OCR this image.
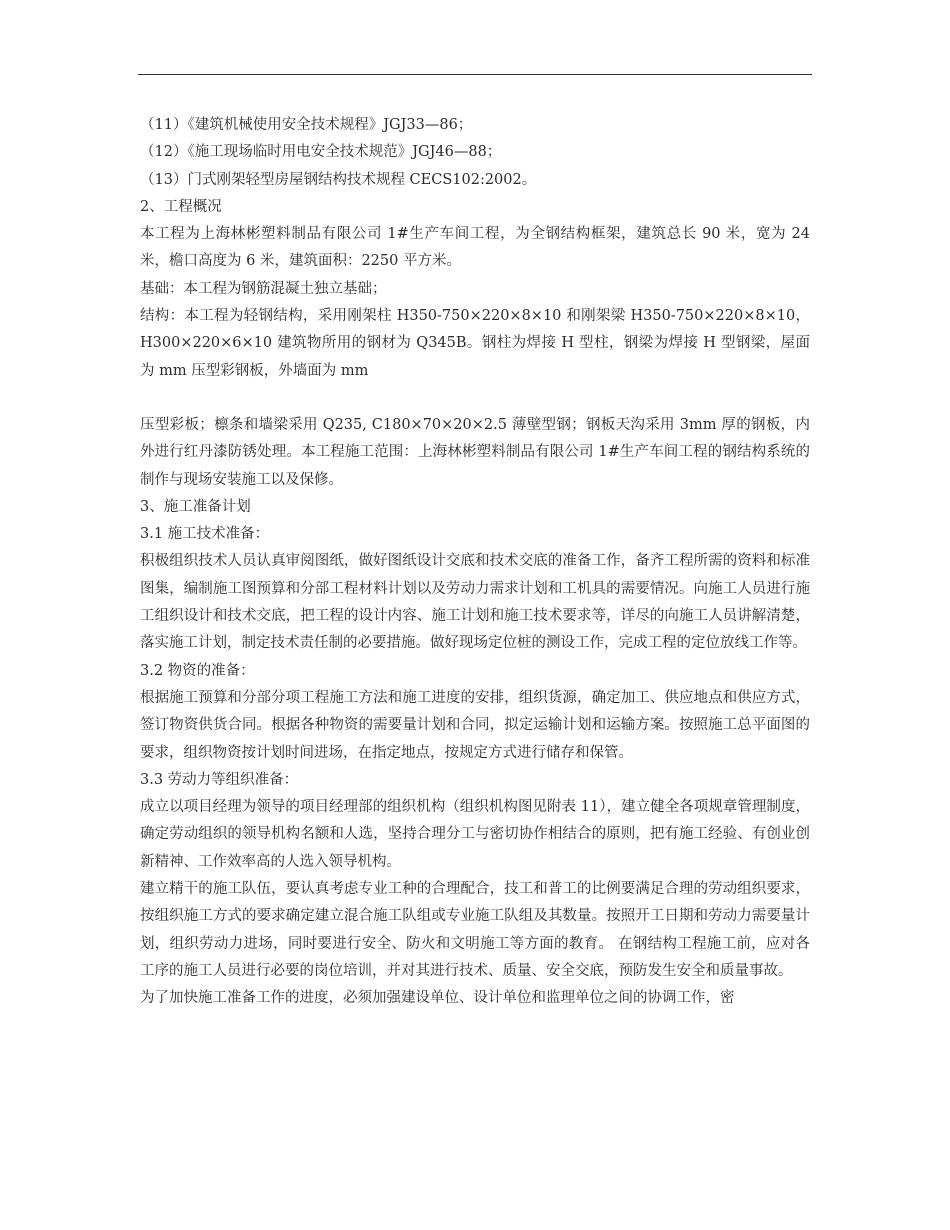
（11）《建筑机械使用安全技术规程》JGJ33—86；

（12）《施工现场临时用电安全技术规范》JGJ46—88；

（13）门式刚架轻型房屋钢结构技术规程 CECS102:2002。

2、工程概况

本工程为上海林彬塑料制品有限公司 1#生产车间工程，为全钢结构框架，建筑总长 90 米，宽为 24 米，檐口高度为 6 米，建筑面积：2250 平方米。

基础：本工程为钢筋混凝土独立基础；

结构：本工程为轻钢结构，采用刚架柱 H350-750×220×8×10 和刚架梁 H350-750×220×8×10，H300×220×6×10 建筑物所用的钢材为 Q345B。钢柱为焊接 H 型柱，钢梁为焊接 H 型钢梁，屋面为 mm 压型彩钢板，外墙面为 mm

压型彩板；檩条和墙梁采用 Q235, C180×70×20×2.5 薄壁型钢；钢板天沟采用 3mm 厚的钢板，内外进行红丹漆防锈处理。本工程施工范围：上海林彬塑料制品有限公司 1#生产车间工程的钢结构系统的制作与现场安装施工以及保修。

3、施工准备计划

3.1 施工技术准备：

积极组织技术人员认真审阅图纸，做好图纸设计交底和技术交底的准备工作，备齐工程所需的资料和标准图集，编制施工图预算和分部工程材料计划以及劳动力需求计划和工机具的需要情况。向施工人员进行施工组织设计和技术交底，把工程的设计内容、施工计划和施工技术要求等，详尽的向施工人员讲解清楚，落实施工计划，制定技术责任制的必要措施。做好现场定位桩的测设工作，完成工程的定位放线工作等。

3.2 物资的准备：

根据施工预算和分部分项工程施工方法和施工进度的安排，组织货源，确定加工、供应地点和供应方式，签订物资供货合同。根据各种物资的需要量计划和合同，拟定运输计划和运输方案。按照施工总平面图的要求，组织物资按计划时间进场，在指定地点，按规定方式进行储存和保管。

3.3 劳动力等组织准备：

成立以项目经理为领导的项目经理部的组织机构（组织机构图见附表 11），建立健全各项规章管理制度，确定劳动组织的领导机构名额和人选，坚持合理分工与密切协作相结合的原则，把有施工经验、有创业创新精神、工作效率高的人选入领导机构。

建立精干的施工队伍，要认真考虑专业工种的合理配合，技工和普工的比例要满足合理的劳动组织要求，按组织施工方式的要求确定建立混合施工队组或专业施工队组及其数量。按照开工日期和劳动力需要量计划，组织劳动力进场，同时要进行安全、防火和文明施工等方面的教育。 在钢结构工程施工前，应对各工序的施工人员进行必要的岗位培训，并对其进行技术、质量、安全交底，预防发生安全和质量事故。

为了加快施工准备工作的进度，必须加强建设单位、设计单位和监理单位之间的协调工作，密
